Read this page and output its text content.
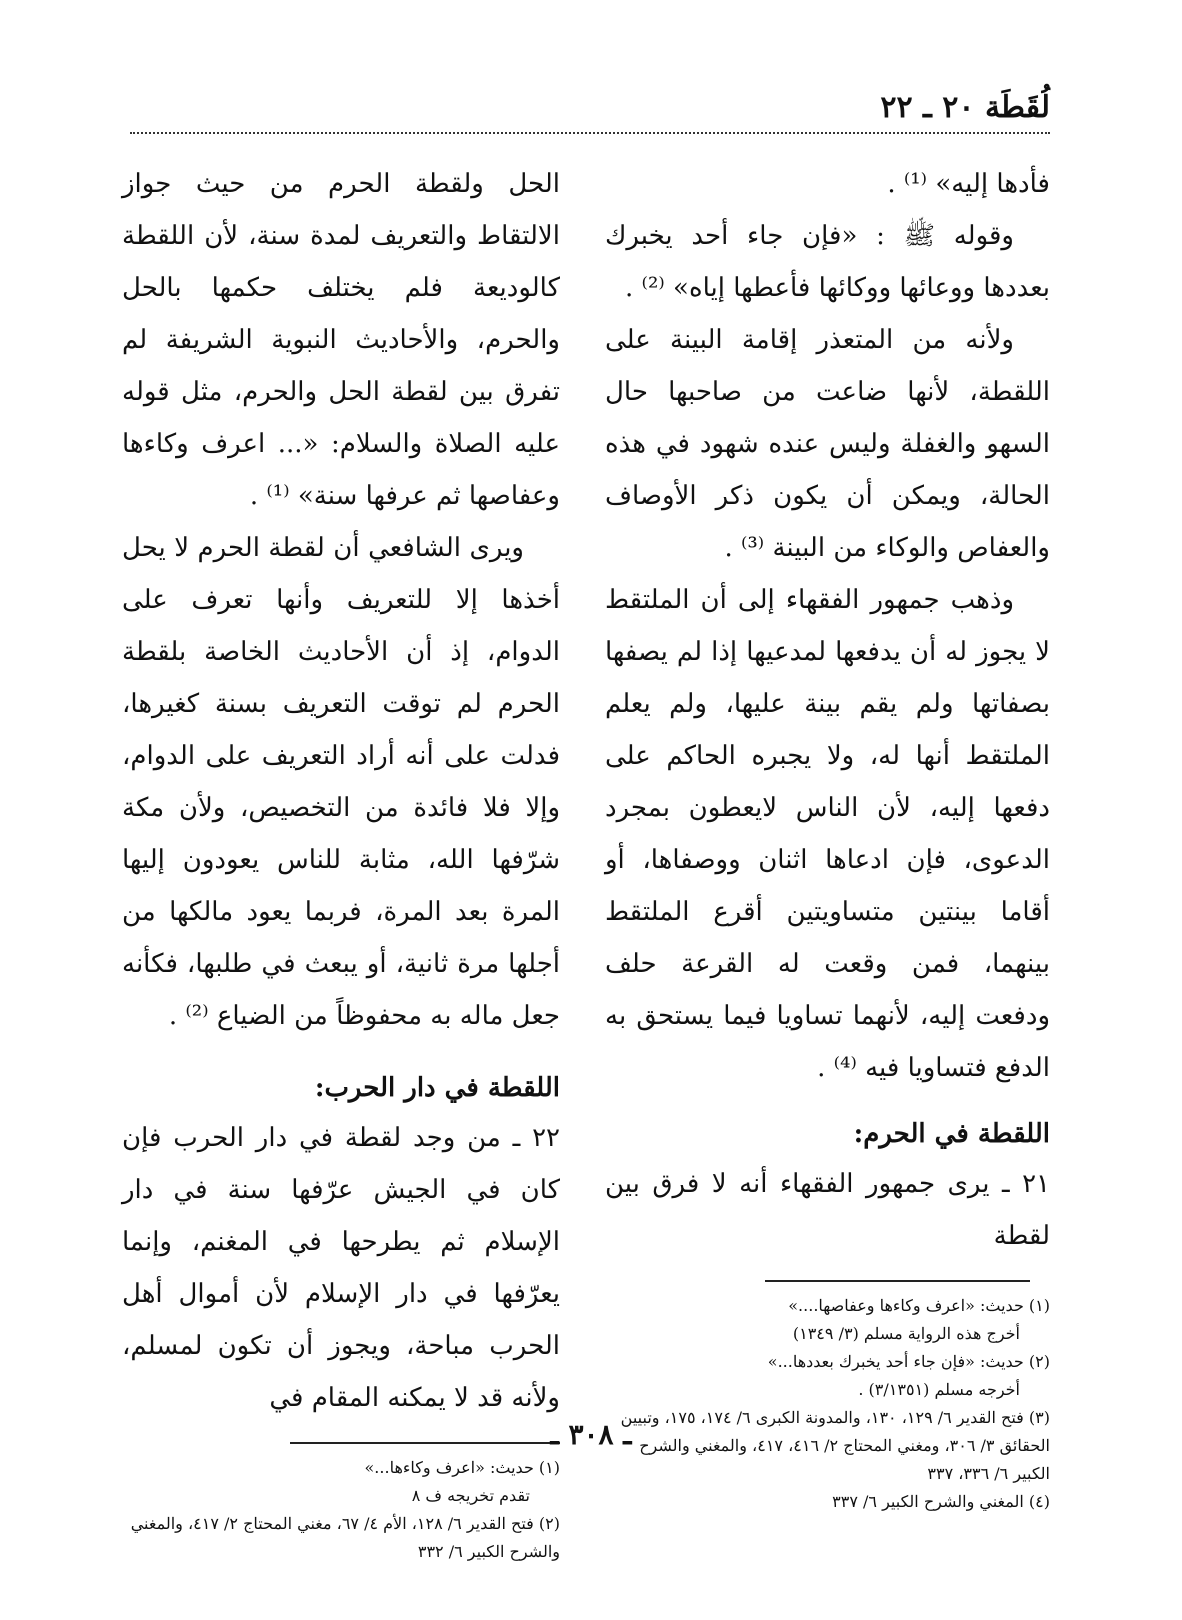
لُقَطَة ٢٠ ـ ٢٢

فأدها إليه» ⁽¹⁾ .

وقوله ﷺ : «فإن جاء أحد يخبرك بعددها ووعائها ووكائها فأعطها إياه» ⁽²⁾ .

ولأنه من المتعذر إقامة البينة على اللقطة، لأنها ضاعت من صاحبها حال السهو والغفلة وليس عنده شهود في هذه الحالة، ويمكن أن يكون ذكر الأوصاف والعفاص والوكاء من البينة ⁽³⁾ .

وذهب جمهور الفقهاء إلى أن الملتقط لا يجوز له أن يدفعها لمدعيها إذا لم يصفها بصفاتها ولم يقم بينة عليها، ولم يعلم الملتقط أنها له، ولا يجبره الحاكم على دفعها إليه، لأن الناس لايعطون بمجرد الدعوى، فإن ادعاها اثنان ووصفاها، أو أقاما بينتين متساويتين أقرع الملتقط بينهما، فمن وقعت له القرعة حلف ودفعت إليه، لأنهما تساويا فيما يستحق به الدفع فتساويا فيه ⁽⁴⁾ .

اللقطة في الحرم:

٢١ ـ يرى جمهور الفقهاء أنه لا فرق بين لقطة

(١) حديث: «اعرف وكاءها وعفاصها....»

أخرج هذه الرواية مسلم (٣/ ١٣٤٩)

(٢) حديث: «فإن جاء أحد يخبرك بعددها...»

أخرجه مسلم (٣/١٣٥١) .

(٣) فتح القدير ٦/ ١٢٩، ١٣٠، والمدونة الكبرى ٦/ ١٧٤، ١٧٥، وتبيين الحقائق ٣/ ٣٠٦، ومغني المحتاج ٢/ ٤١٦، ٤١٧، والمغني والشرح الكبير ٦/ ٣٣٦، ٣٣٧

(٤) المغني والشرح الكبير ٦/ ٣٣٧

الحل ولقطة الحرم من حيث جواز الالتقاط والتعريف لمدة سنة، لأن اللقطة كالوديعة فلم يختلف حكمها بالحل والحرم، والأحاديث النبوية الشريفة لم تفرق بين لقطة الحل والحرم، مثل قوله عليه الصلاة والسلام: «... اعرف وكاءها وعفاصها ثم عرفها سنة» ⁽¹⁾ .

ويرى الشافعي أن لقطة الحرم لا يحل أخذها إلا للتعريف وأنها تعرف على الدوام، إذ أن الأحاديث الخاصة بلقطة الحرم لم توقت التعريف بسنة كغيرها، فدلت على أنه أراد التعريف على الدوام، وإلا فلا فائدة من التخصيص، ولأن مكة شرّفها الله، مثابة للناس يعودون إليها المرة بعد المرة، فربما يعود مالكها من أجلها مرة ثانية، أو يبعث في طلبها، فكأنه جعل ماله به محفوظاً من الضياع ⁽²⁾ .

اللقطة في دار الحرب:

٢٢ ـ من وجد لقطة في دار الحرب فإن كان في الجيش عرّفها سنة في دار الإسلام ثم يطرحها في المغنم، وإنما يعرّفها في دار الإسلام لأن أموال أهل الحرب مباحة، ويجوز أن تكون لمسلم، ولأنه قد لا يمكنه المقام في

(١) حديث: «اعرف وكاءها...»

تقدم تخريجه ف ٨

(٢) فتح القدير ٦/ ١٢٨، الأم ٤/ ٦٧، مغني المحتاج ٢/ ٤١٧، والمغني والشرح الكبير ٦/ ٣٣٢

ـ ٣٠٨ ـ
